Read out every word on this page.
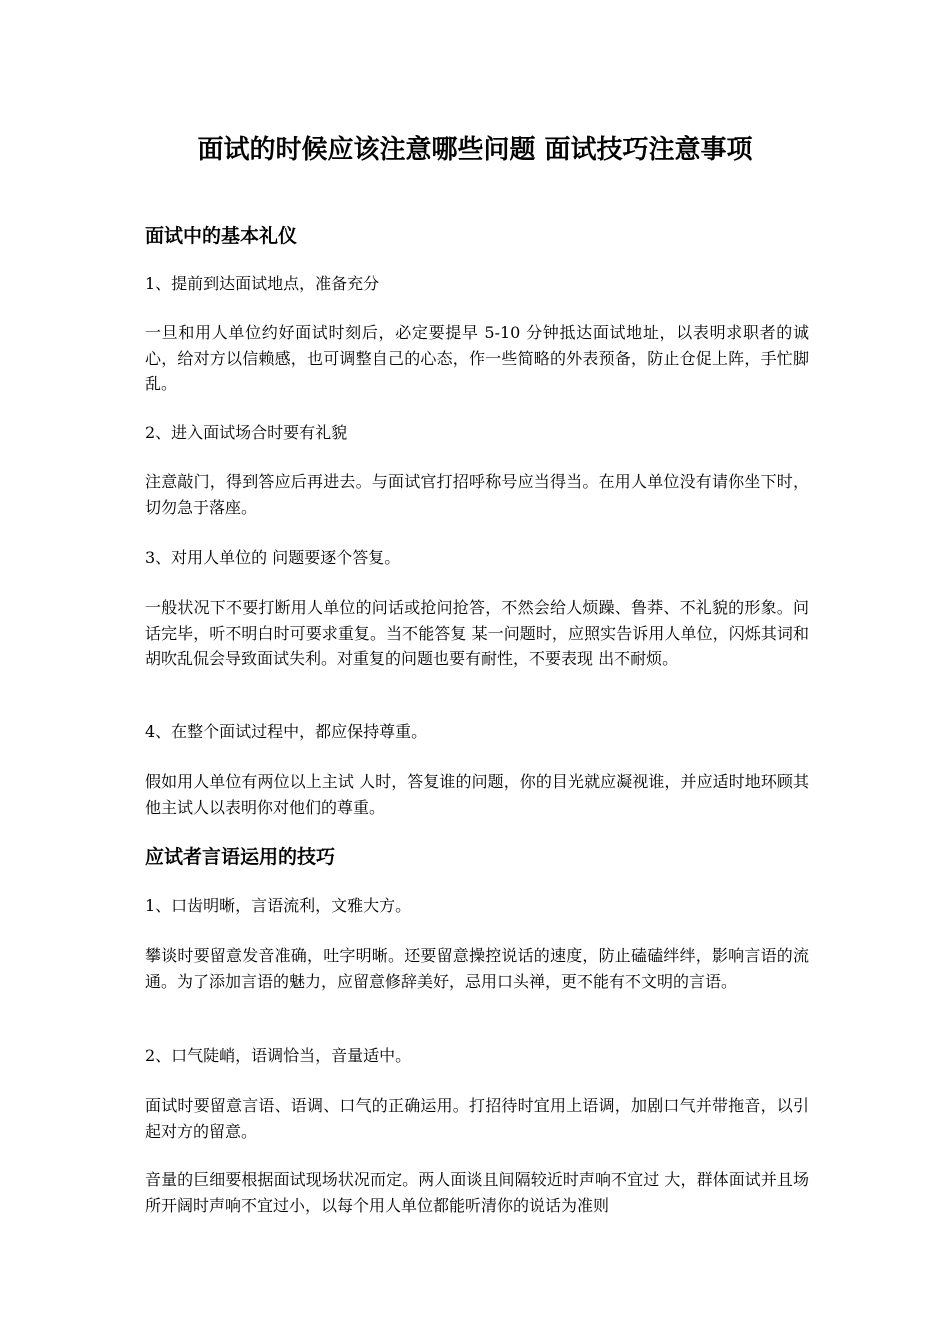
面试的时候应该注意哪些问题 面试技巧注意事项
面试中的基本礼仪

1、提前到达面试地点，准备充分

一旦和用人单位约好面试时刻后，必定要提早 5-10 分钟抵达面试地址，以表明求职者的诚心，给对方以信赖感，也可调整自己的心态，作一些简略的外表预备，防止仓促上阵，手忙脚乱。

2、进入面试场合时要有礼貌

注意敲门，得到答应后再进去。与面试官打招呼称号应当得当。在用人单位没有请你坐下时，切勿急于落座。

3、对用人单位的 问题要逐个答复。

一般状况下不要打断用人单位的问话或抢问抢答，不然会给人烦躁、鲁莽、不礼貌的形象。问话完毕，听不明白时可要求重复。当不能答复 某一问题时，应照实告诉用人单位，闪烁其词和胡吹乱侃会导致面试失利。对重复的问题也要有耐性，不要表现 出不耐烦。

4、在整个面试过程中，都应保持尊重。

假如用人单位有两位以上主试 人时，答复谁的问题，你的目光就应凝视谁，并应适时地环顾其他主试人以表明你对他们的尊重。

应试者言语运用的技巧

1、口齿明晰，言语流利，文雅大方。

攀谈时要留意发音准确，吐字明晰。还要留意操控说话的速度，防止磕磕绊绊，影响言语的流通。为了添加言语的魅力，应留意修辞美好，忌用口头禅，更不能有不文明的言语。

2、口气陡峭，语调恰当，音量适中。

面试时要留意言语、语调、口气的正确运用。打招待时宜用上语调，加剧口气并带拖音，以引起对方的留意。

音量的巨细要根据面试现场状况而定。两人面谈且间隔较近时声响不宜过 大，群体面试并且场所开阔时声响不宜过小，以每个用人单位都能听清你的说话为准则
